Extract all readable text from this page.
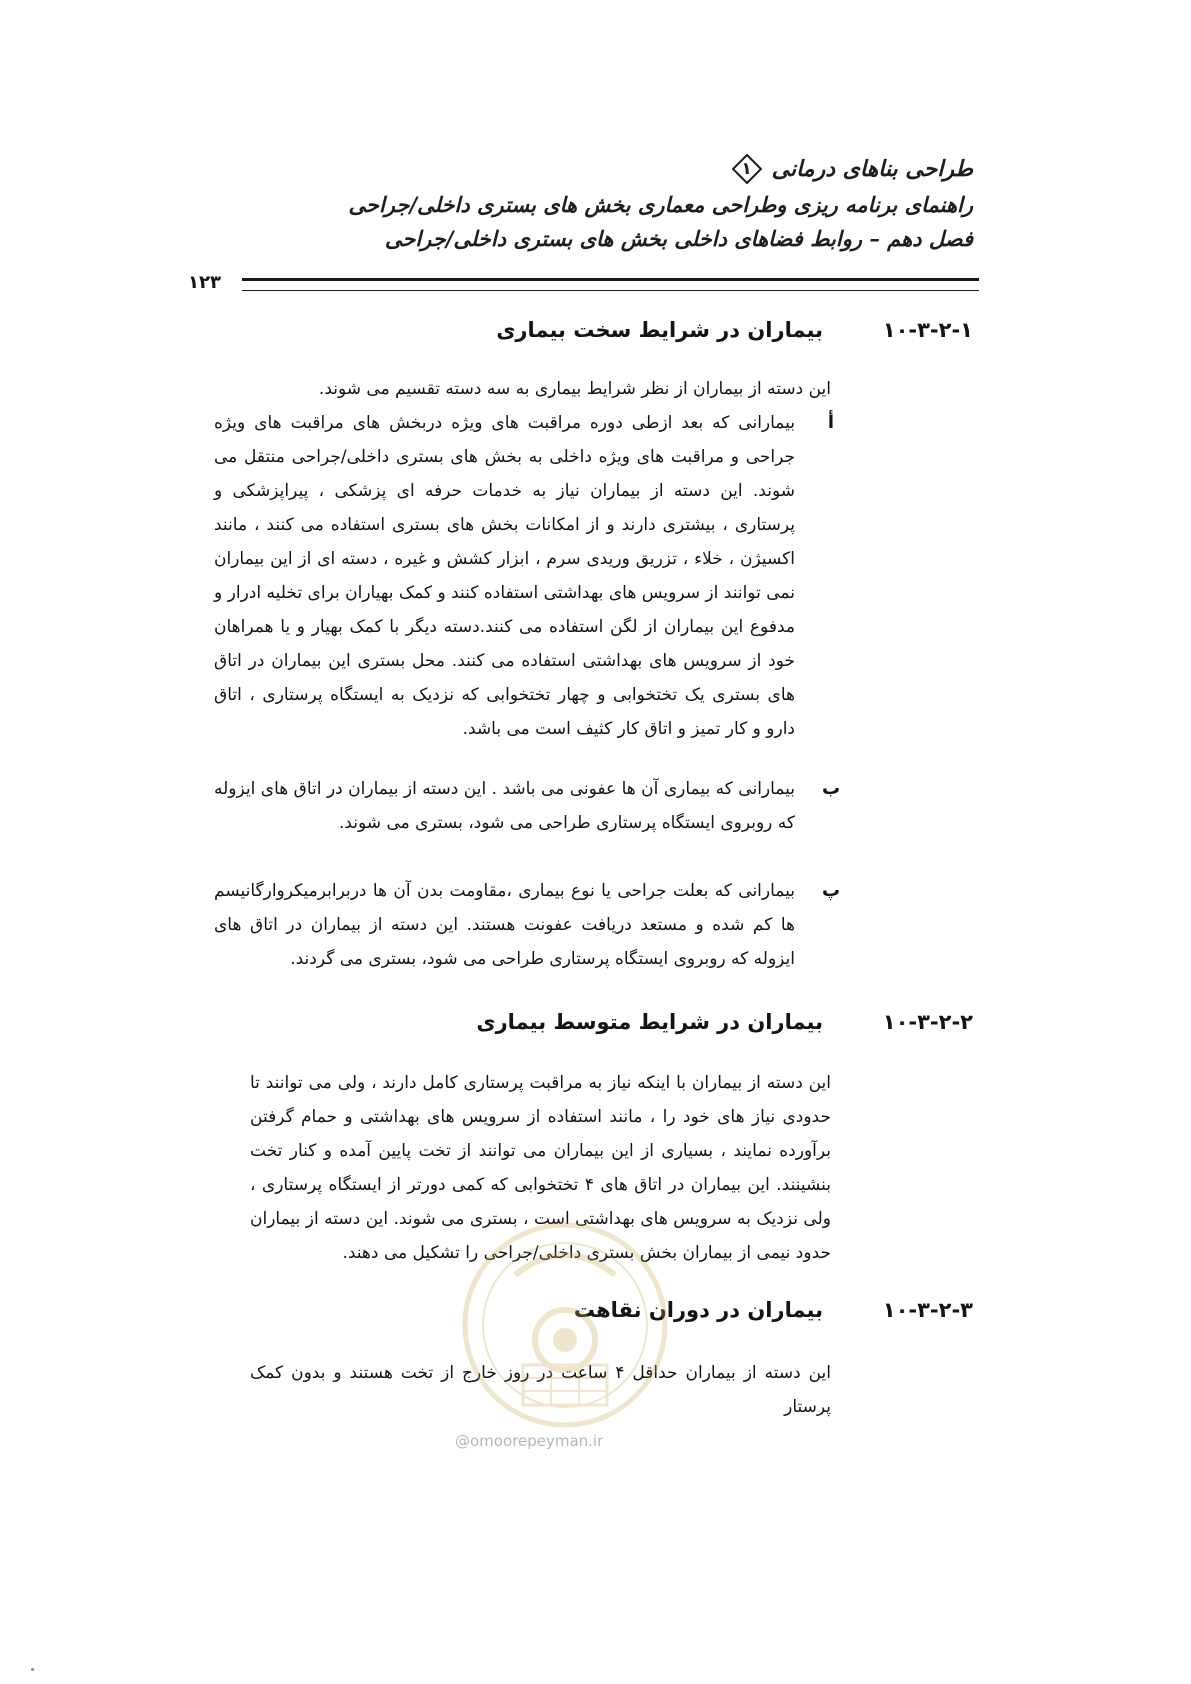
طراحی بناهای درمانی
۱
راهنمای برنامه ریزی وطراحی معماری بخش های بستری داخلی/جراحی
فصل دهم – روابط فضاهای داخلی بخش های بستری داخلی/جراحی
۱۲۳
۱۰-۳-۲-۱
بیماران در شرایط سخت بیماری
این دسته از بیماران از نظر شرایط بیماری به سه دسته تقسیم می شوند.
أ
بیمارانی که بعد ازطی دوره مراقبت های ویژه دربخش های مراقبت های ویژه جراحی و مراقبت های ویژه داخلی به بخش های بستری داخلی/جراحی منتقل می شوند. این دسته از بیماران نیاز به خدمات حرفه ای پزشکی ، پیراپزشکی و پرستاری ، بیشتری دارند و از امکانات بخش های بستری استفاده می کنند ، مانند اکسیژن ، خلاء ، تزریق وریدی سرم ، ابزار کشش و غیره ، دسته ای از این بیماران نمی توانند از سرویس های بهداشتی استفاده کنند و کمک بهیاران برای تخلیه ادرار و مدفوع این بیماران از لگن استفاده می کنند.دسته دیگر با کمک بهیار و یا همراهان خود از سرویس های بهداشتی استفاده می کنند. محل بستری این بیماران در اتاق های بستری یک تختخوابی و چهار تختخوابی که نزدیک به ایستگاه پرستاری ، اتاق دارو و کار تمیز و اتاق کار کثیف است می باشد.
ب
بیمارانی که بیماری آن ها عفونی می باشد . این دسته از بیماران در اتاق های ایزوله که روبروی ایستگاه پرستاری طراحی می شود، بستری می شوند.
پ
بیمارانی که بعلت جراحی یا نوع بیماری ،مقاومت بدن آن ها دربرابرمیکروارگانیسم ها کم شده و مستعد دریافت عفونت هستند. این دسته از بیماران در اتاق های ایزوله که روبروی ایستگاه پرستاری طراحی می شود، بستری می گردند.
۱۰-۳-۲-۲
بیماران در شرایط متوسط بیماری
این دسته از بیماران با اینکه نیاز به مراقبت پرستاری کامل دارند ، ولی می توانند تا حدودی نیاز های خود را ، مانند استفاده از سرویس های بهداشتی و حمام گرفتن برآورده نمایند ، بسیاری از این بیماران می توانند از تخت پایین آمده و کنار تخت بنشینند. این بیماران در اتاق های ۴ تختخوابی که کمی دورتر از ایستگاه پرستاری ، ولی نزدیک به سرویس های بهداشتی است ، بستری می شوند. این دسته از بیماران حدود نیمی از بیماران بخش بستری داخلی/جراحی را تشکیل می دهند.
۱۰-۳-۲-۳
بیماران در دوران نقاهت
این دسته از بیماران حداقل ۴ ساعت در روز خارج از تخت هستند و بدون کمک پرستار
@omoorepeyman.ir
